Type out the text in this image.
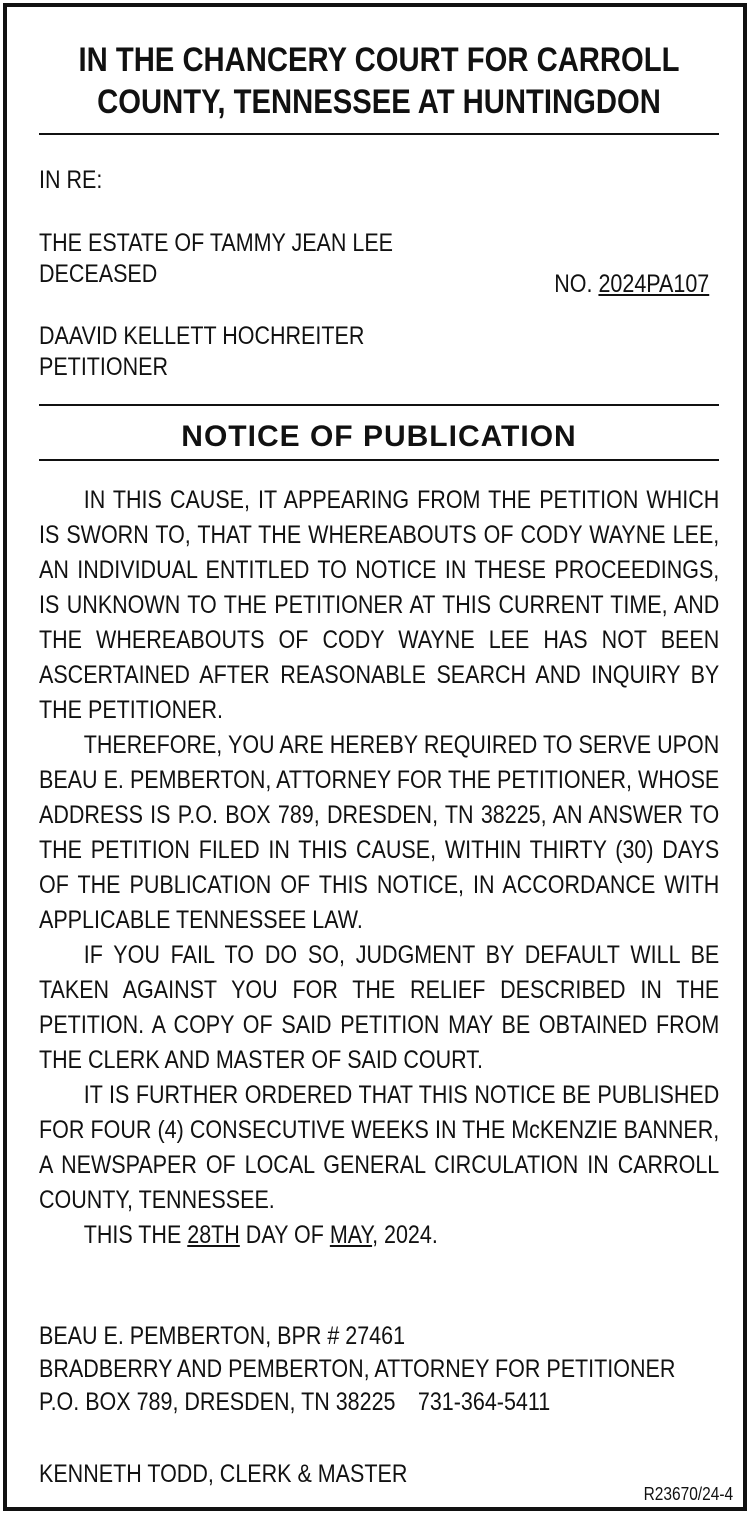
IN THE CHANCERY COURT FOR CARROLL
COUNTY, TENNESSEE AT HUNTINGDON
IN RE:
THE ESTATE OF TAMMY JEAN LEE
DECEASED	NO. 2024PA107
DAAVID KELLETT HOCHREITER
PETITIONER
NOTICE OF PUBLICATION

IN THIS CAUSE, IT APPEARING FROM THE PETITION WHICH IS SWORN TO, THAT THE WHEREABOUTS OF CODY WAYNE LEE, AN INDIVIDUAL ENTITLED TO NOTICE IN THESE PROCEEDINGS, IS UNKNOWN TO THE PETITIONER AT THIS CURRENT TIME, AND THE WHEREABOUTS OF CODY WAYNE LEE HAS NOT BEEN ASCERTAINED AFTER REASONABLE SEARCH AND INQUIRY BY THE PETITIONER.

THEREFORE, YOU ARE HEREBY REQUIRED TO SERVE UPON BEAU E. PEMBERTON, ATTORNEY FOR THE PETITIONER, WHOSE ADDRESS IS P.O. BOX 789, DRESDEN, TN 38225, AN ANSWER TO THE PETITION FILED IN THIS CAUSE, WITHIN THIRTY (30) DAYS OF THE PUBLICATION OF THIS NOTICE, IN ACCORDANCE WITH APPLICABLE TENNESSEE LAW.

IF YOU FAIL TO DO SO, JUDGMENT BY DEFAULT WILL BE TAKEN AGAINST YOU FOR THE RELIEF DESCRIBED IN THE PETITION. A COPY OF SAID PETITION MAY BE OBTAINED FROM THE CLERK AND MASTER OF SAID COURT.

IT IS FURTHER ORDERED THAT THIS NOTICE BE PUBLISHED FOR FOUR (4) CONSECUTIVE WEEKS IN THE McKENZIE BANNER, A NEWSPAPER OF LOCAL GENERAL CIRCULATION IN CARROLL COUNTY, TENNESSEE.

THIS THE 28TH DAY OF MAY, 2024.

BEAU E. PEMBERTON, BPR # 27461
BRADBERRY AND PEMBERTON, ATTORNEY FOR PETITIONER
P.O. BOX 789, DRESDEN, TN 38225 731-364-5411
KENNETH TODD, CLERK & MASTER
R23670/24-4
